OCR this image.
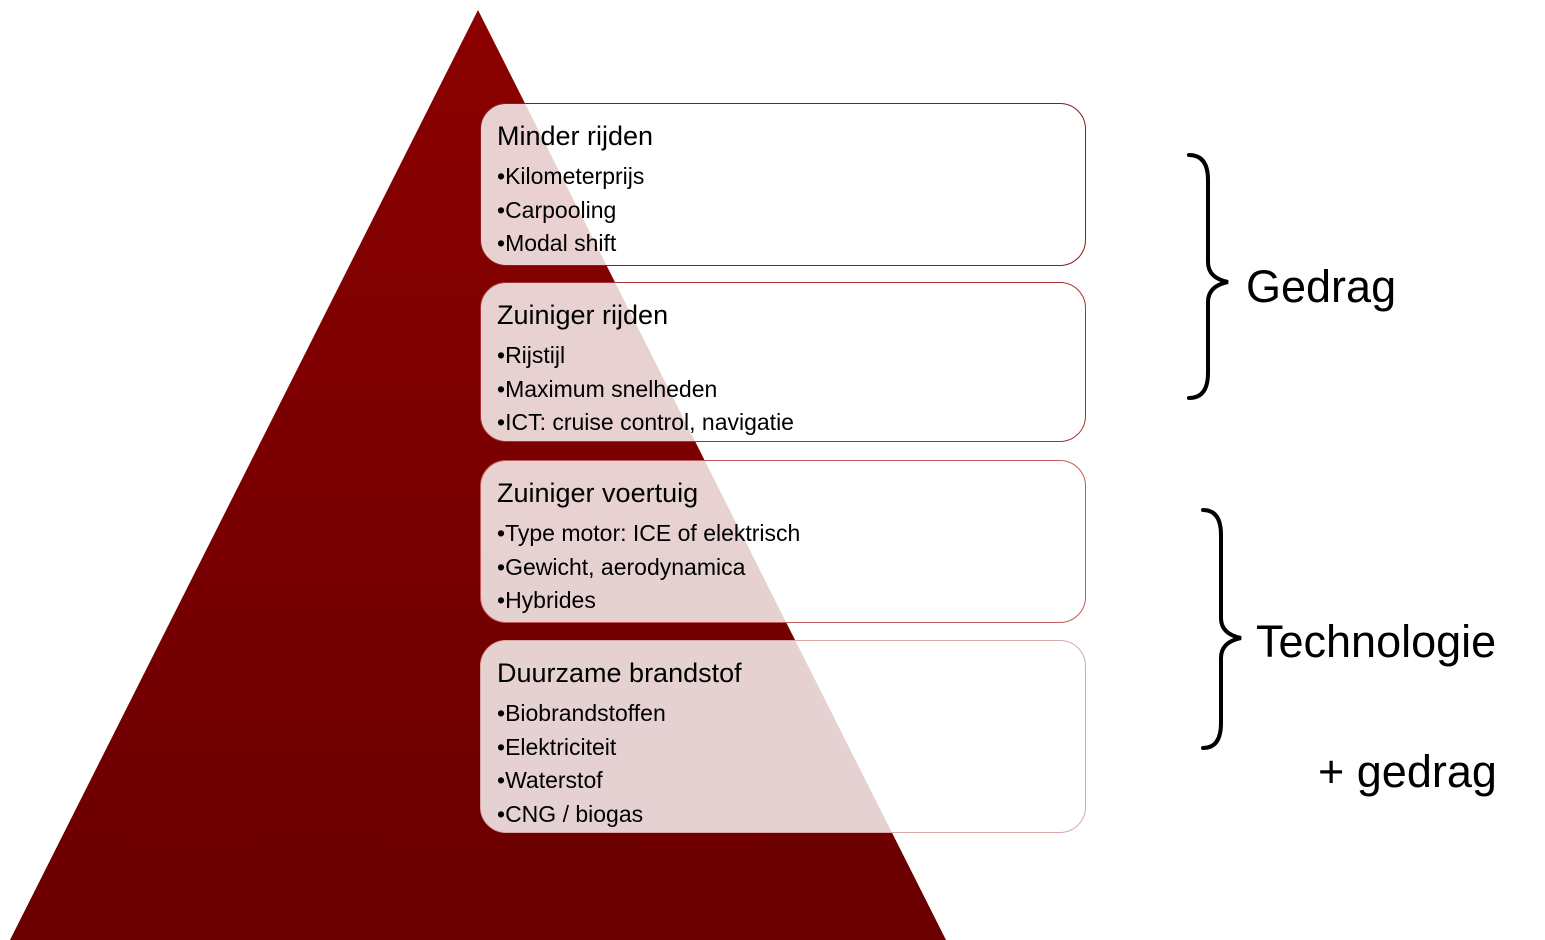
Minder rijden
•Kilometerprijs
•Carpooling
•Modal shift
Zuiniger rijden
•Rijstijl
•Maximum snelheden
•ICT: cruise control, navigatie
Zuiniger voertuig
•Type motor: ICE of elektrisch
•Gewicht, aerodynamica
•Hybrides
Duurzame brandstof
•Biobrandstoffen
•Elektriciteit
•Waterstof
•CNG / biogas
Gedrag
Technologie
+ gedrag
